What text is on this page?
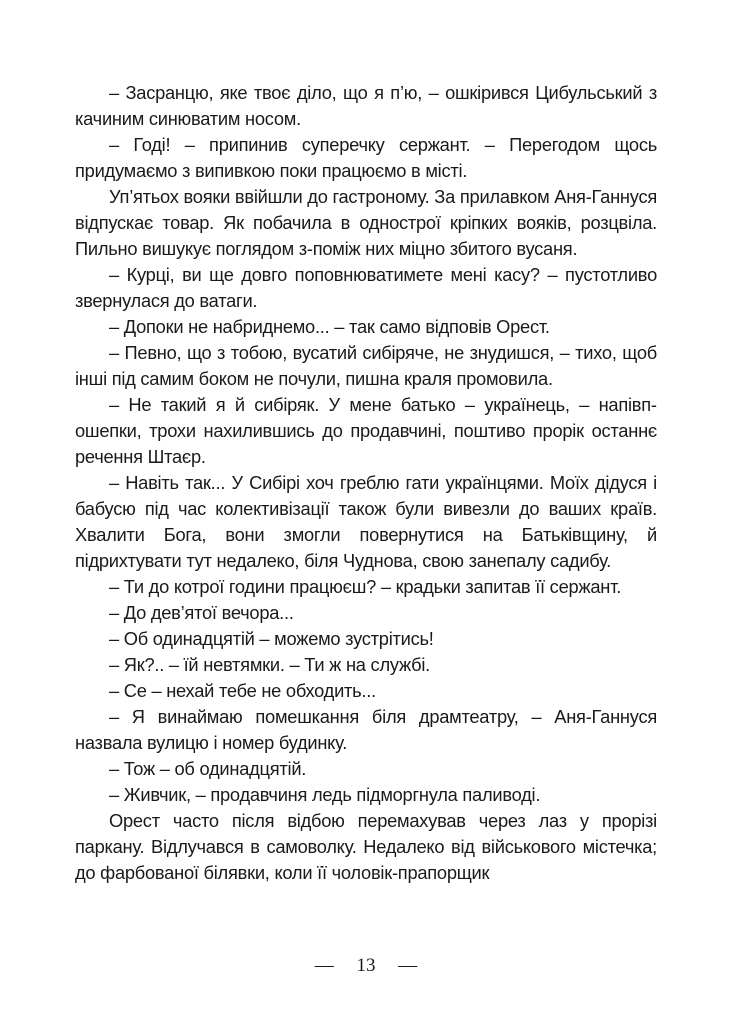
– Засранцю, яке твоє діло, що я п’ю, – ошкірився Цибульський з качиним синюватим носом.

– Годі! – припинив суперечку сержант. – Перегодом щось придумаємо з випивкою поки працюємо в місті.

Уп’ятьох вояки ввійшли до гастроному. За прилавком Аня-Ганнуся відпускає товар. Як побачила в однострої кріпких вояків, розцвіла. Пильно вишукує поглядом з-поміж них міцно збитого вусаня.

– Курці, ви ще довго поповнюватимете мені касу? – пустотливо звернулася до ватаги.

– Допоки не набриднемо... – так само відповів Орест.

– Певно, що з тобою, вусатий сибіряче, не знудишся, – тихо, щоб інші під самим боком не почули, пишна краля промовила.

– Не такий я й сибіряк. У мене батько – українець, – напівпошепки, трохи нахилившись до продавчині, поштиво прорік останнє речення Штаєр.

– Навіть так... У Сибірі хоч греблю гати українцями. Моїх дідуся і бабусю під час колективізації також були вивезли до ваших країв. Хвалити Бога, вони змогли повернутися на Батьківщину, й підрихтувати тут недалеко, біля Чуднова, свою занепалу садибу.

– Ти до котрої години працюєш? – крадьки запитав її сержант.

– До дев’ятої вечора...

– Об одинадцятій – можемо зустрітись!

– Як?.. – їй невтямки. – Ти ж на службі.

– Се – нехай тебе не обходить...

– Я винаймаю помешкання біля драмтеатру, – Аня-Ганнуся назвала вулицю і номер будинку.

– Тож – об одинадцятій.

– Живчик, – продавчиня ледь підморгнула паливоді.

Орест часто після відбою перемахував через лаз у прорізі паркану. Відлучався в самоволку. Недалеко від військового містечка; до фарбованої білявки, коли її чоловік-прапорщик

— 13 —
